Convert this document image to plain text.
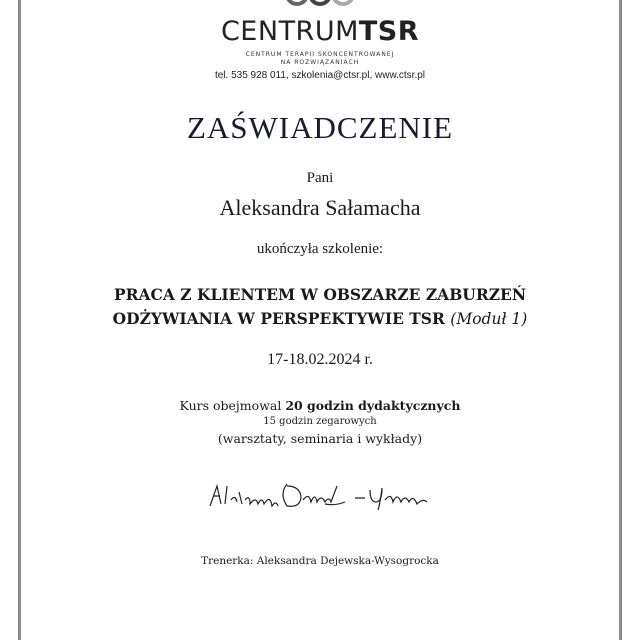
CENTRUMTSR
CENTRUM TERAPII SKONCENTROWANEJ
NA ROZWIĄZANIACH
tel. 535 928 011, szkolenia@ctsr.pl, www.ctsr.pl
ZAŚWIADCZENIE
Pani
Aleksandra Sałamacha
ukończyła szkolenie:
PRACA Z KLIENTEM W OBSZARZE ZABURZEŃ
ODŻYWIANIA W PERSPEKTYWIE TSR (Moduł 1)
17-18.02.2024 r.
Kurs obejmowal 20 godzin dydaktycznych
15 godzin zegarowych
(warsztaty, seminaria i wykłady)
Trenerka: Aleksandra Dejewska-Wysogrocka
